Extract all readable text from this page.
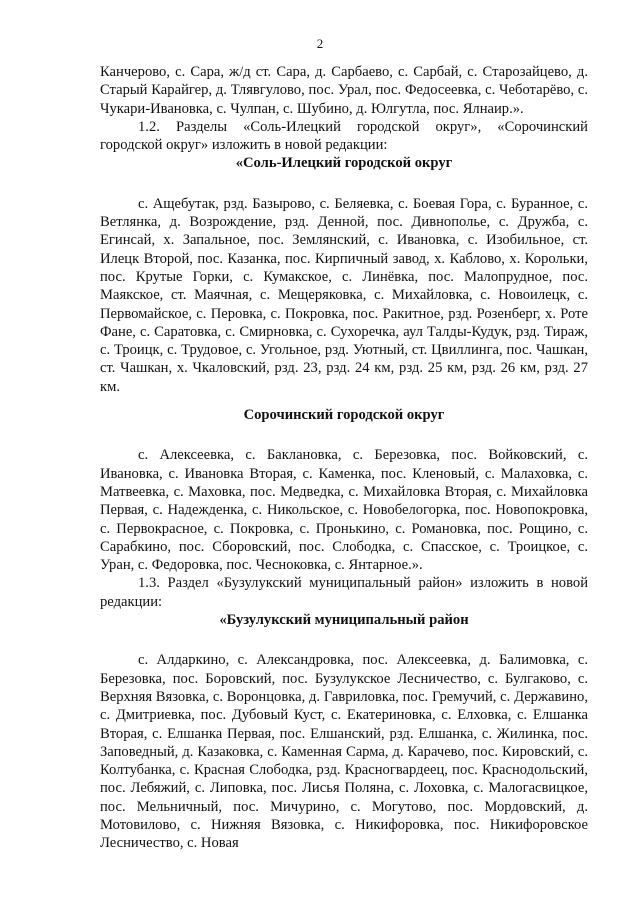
2

Канчерово, с. Сара, ж/д ст. Сара, д. Сарбаево, с. Сарбай, с. Старозайцево, д. Старый Карайгер, д. Тлявгулово, пос. Урал, пос. Федосеевка, с. Чеботарёво, с. Чукари-Ивановка, с. Чулпан, с. Шубино, д. Юлгутла, пос. Ялнаир.».

1.2. Разделы «Соль-Илецкий городской округ», «Сорочинский городской округ» изложить в новой редакции:

«Соль-Илецкий городской округ

с. Ащебутак, рзд. Базырово, с. Беляевка, с. Боевая Гора, с. Буранное, с. Ветлянка, д. Возрождение, рзд. Денной, пос. Дивнополье, с. Дружба, с. Егинсай, х. Запальное, пос. Землянский, с. Ивановка, с. Изобильное, ст. Илецк Второй, пос. Казанка, пос. Кирпичный завод, х. Каблово, х. Корольки, пос. Крутые Горки, с. Кумакское, с. Линёвка, пос. Малопрудное, пос. Маякское, ст. Маячная, с. Мещеряковка, с. Михайловка, с. Новоилецк, с. Первомайское, с. Перовка, с. Покровка, пос. Ракитное, рзд. Розенберг, х. Роте Фане, с. Саратовка, с. Смирновка, с. Сухоречка, аул Талды-Кудук, рзд. Тираж, с. Троицк, с. Трудовое, с. Угольное, рзд. Уютный, ст. Цвиллинга, пос. Чашкан, ст. Чашкан, х. Чкаловский, рзд. 23, рзд. 24 км, рзд. 25 км, рзд. 26 км, рзд. 27 км.

Сорочинский городской округ

с. Алексеевка, с. Баклановка, с. Березовка, пос. Войковский, с. Ивановка, с. Ивановка Вторая, с. Каменка, пос. Кленовый, с. Малаховка, с. Матвеевка, с. Маховка, пос. Медведка, с. Михайловка Вторая, с. Михайловка Первая, с. Надежденка, с. Никольское, с. Новобелогорка, пос. Новопокровка, с. Первокрасное, с. Покровка, с. Пронькино, с. Романовка, пос. Рощино, с. Сарабкино, пос. Сборовский, пос. Слободка, с. Спасское, с. Троицкое, с. Уран, с. Федоровка, пос. Чесноковка, с. Янтарное.».

1.3. Раздел «Бузулукский муниципальный район» изложить в новой редакции:

«Бузулукский муниципальный район

с. Алдаркино, с. Александровка, пос. Алексеевка, д. Балимовка, с. Березовка, пос. Боровский, пос. Бузулукское Лесничество, с. Булгаково, с. Верхняя Вязовка, с. Воронцовка, д. Гавриловка, пос. Гремучий, с. Державино, с. Дмитриевка, пос. Дубовый Куст, с. Екатериновка, с. Елховка, с. Елшанка Вторая, с. Елшанка Первая, пос. Елшанский, рзд. Елшанка, с. Жилинка, пос. Заповедный, д. Казаковка, с. Каменная Сарма, д. Карачево, пос. Кировский, с. Колтубанка, с. Красная Слободка, рзд. Красногвардеец, пос. Краснодольский, пос. Лебяжий, с. Липовка, пос. Лисья Поляна, с. Лоховка, с. Малогасвицкое, пос. Мельничный, пос. Мичурино, с. Могутово, пос. Мордовский, д. Мотовилово, с. Нижняя Вязовка, с. Никифоровка, пос. Никифоровское Лесничество, с. Новая
